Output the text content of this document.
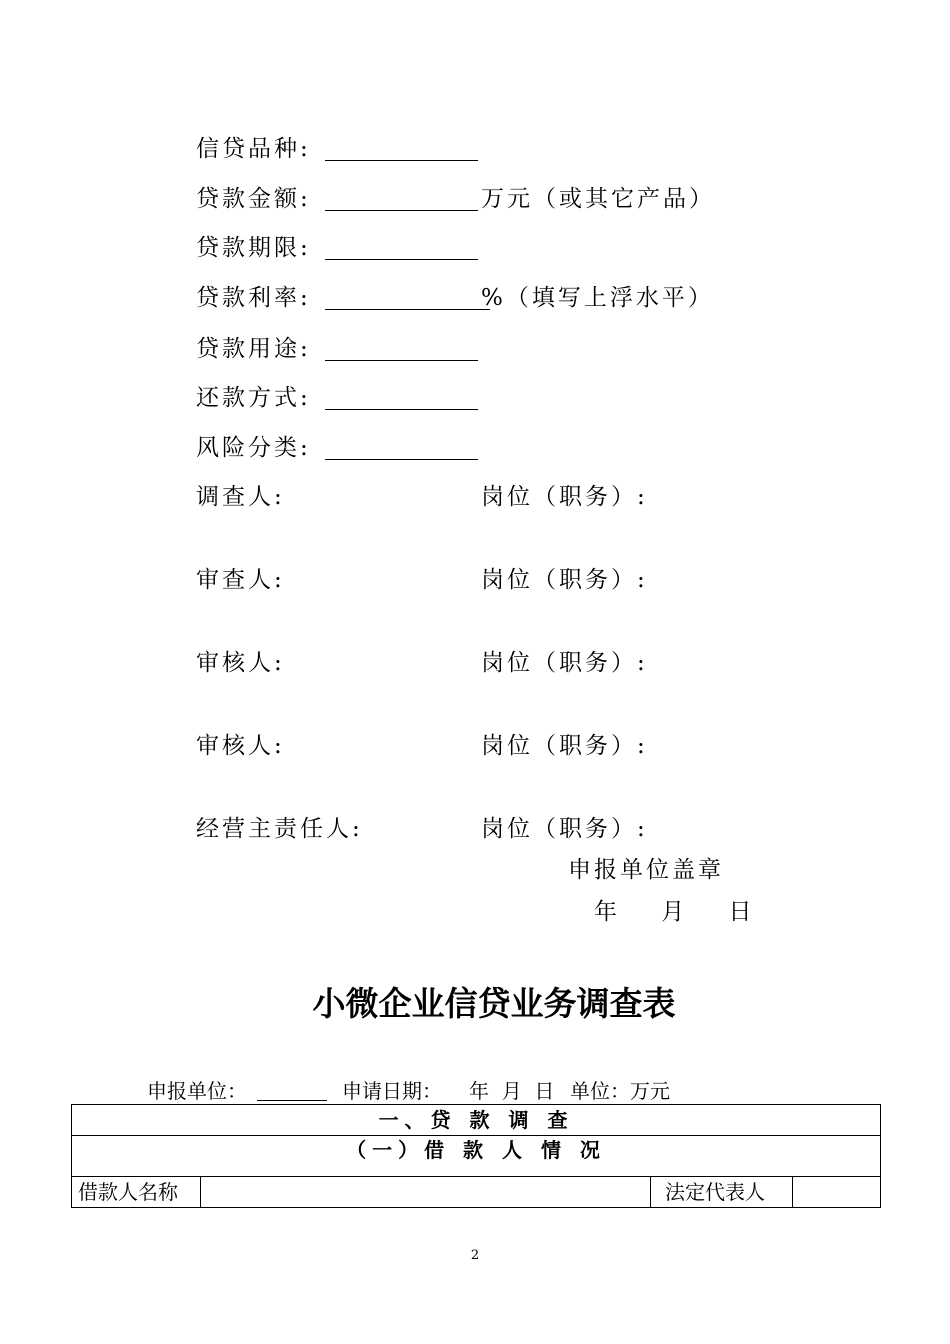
信贷品种:
贷款金额:	万元（或其它产品）
贷款期限:
贷款利率:	%（填写上浮水平）
贷款用途:
还款方式:
风险分类:
调查人:	岗位（职务）:
审查人:	岗位（职务）:
审核人:	岗位（职务）:
审核人:	岗位（职务）:
经营主责任人:	岗位（职务）:
申报单位盖章
年    月    日
小微企业信贷业务调查表
申报单位：	申请日期： 年  月  日 单位：万元
一、贷 款 调 查
（一）借 款 人 情 况
借款人名称		法定代表人	
2
